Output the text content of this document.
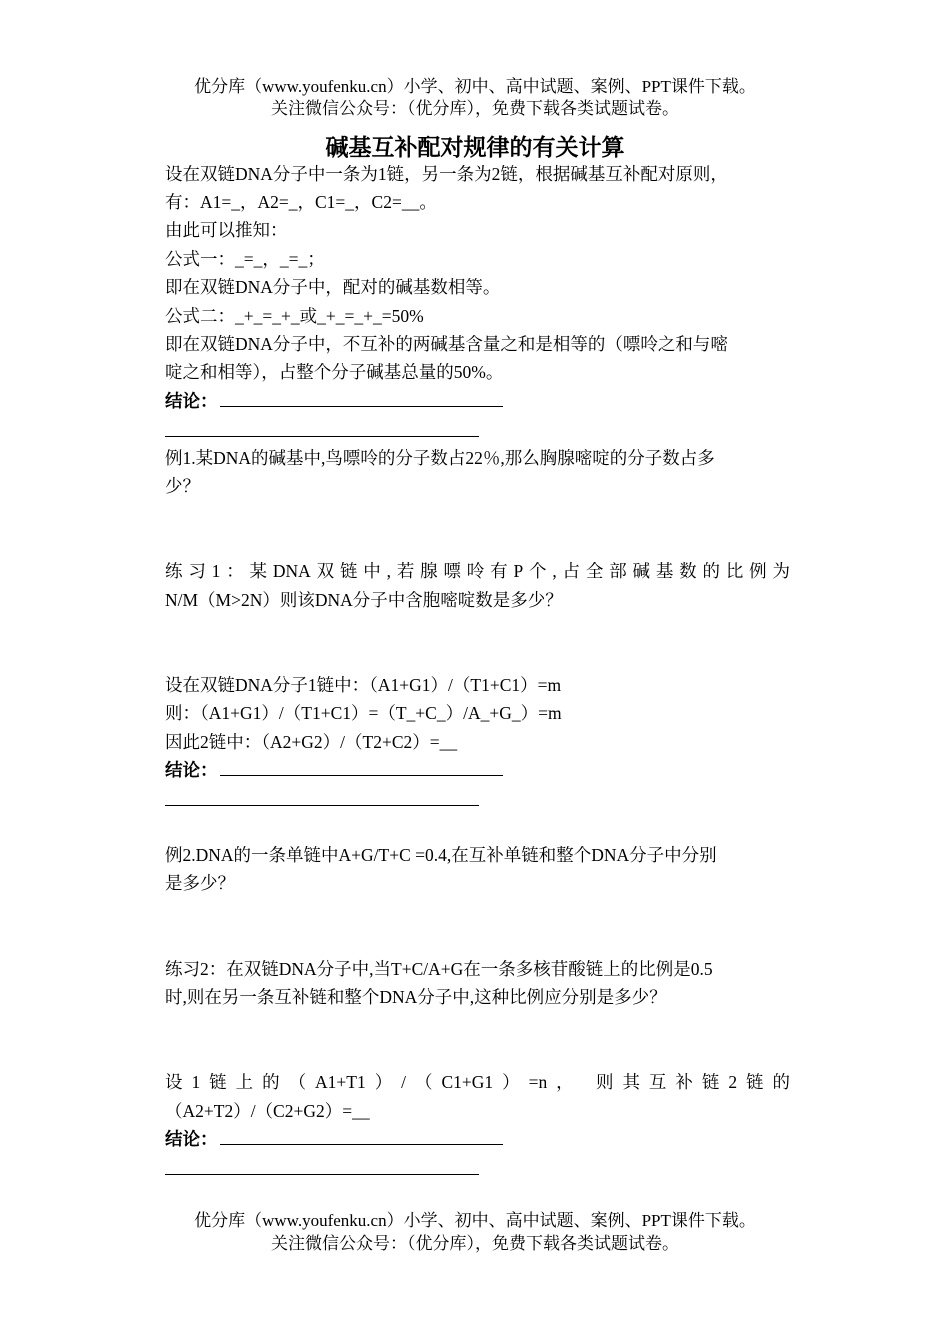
优分库（www.youfenku.cn）小学、初中、高中试题、案例、PPT课件下载。
关注微信公众号：（优分库），免费下载各类试题试卷。
碱基互补配对规律的有关计算
设在双链DNA分子中一条为1链，另一条为2链，根据碱基互补配对原则，
有：A1=_，A2=_，C1=_，C2=__。
由此可以推知：
公式一：_=_，_=_；
即在双链DNA分子中，配对的碱基数相等。
公式二：_+_=_+_或_+_=_+_=50%
即在双链DNA分子中，不互补的两碱基含量之和是相等的（嘌呤之和与嘧
啶之和相等），占整个分子碱基总量的50%。
结论：
例1.某DNA的碱基中,鸟嘌呤的分子数占22％,那么胸腺嘧啶的分子数占多
少？
练习1：某DNA双链中,若腺嘌呤有P个,占全部碱基数的比例为
N/M（M>2N）则该DNA分子中含胞嘧啶数是多少？
设在双链DNA分子1链中：（A1+G1）/（T1+C1）=m
则：（A1+G1）/（T1+C1）=（T_+C_）/A_+G_）=m
因此2链中：（A2+G2）/（T2+C2）=__
结论：
例2.DNA的一条单链中A+G/T+C =0.4,在互补单链和整个DNA分子中分别
是多少？
练习2：在双链DNA分子中,当T+C/A+G在一条多核苷酸链上的比例是0.5
时,则在另一条互补链和整个DNA分子中,这种比例应分别是多少？
设1链上的（A1+T1）/（C1+G1）=n， 则其互补链2链的
（A2+T2）/（C2+G2）=__
结论：
优分库（www.youfenku.cn）小学、初中、高中试题、案例、PPT课件下载。
关注微信公众号：（优分库），免费下载各类试题试卷。
